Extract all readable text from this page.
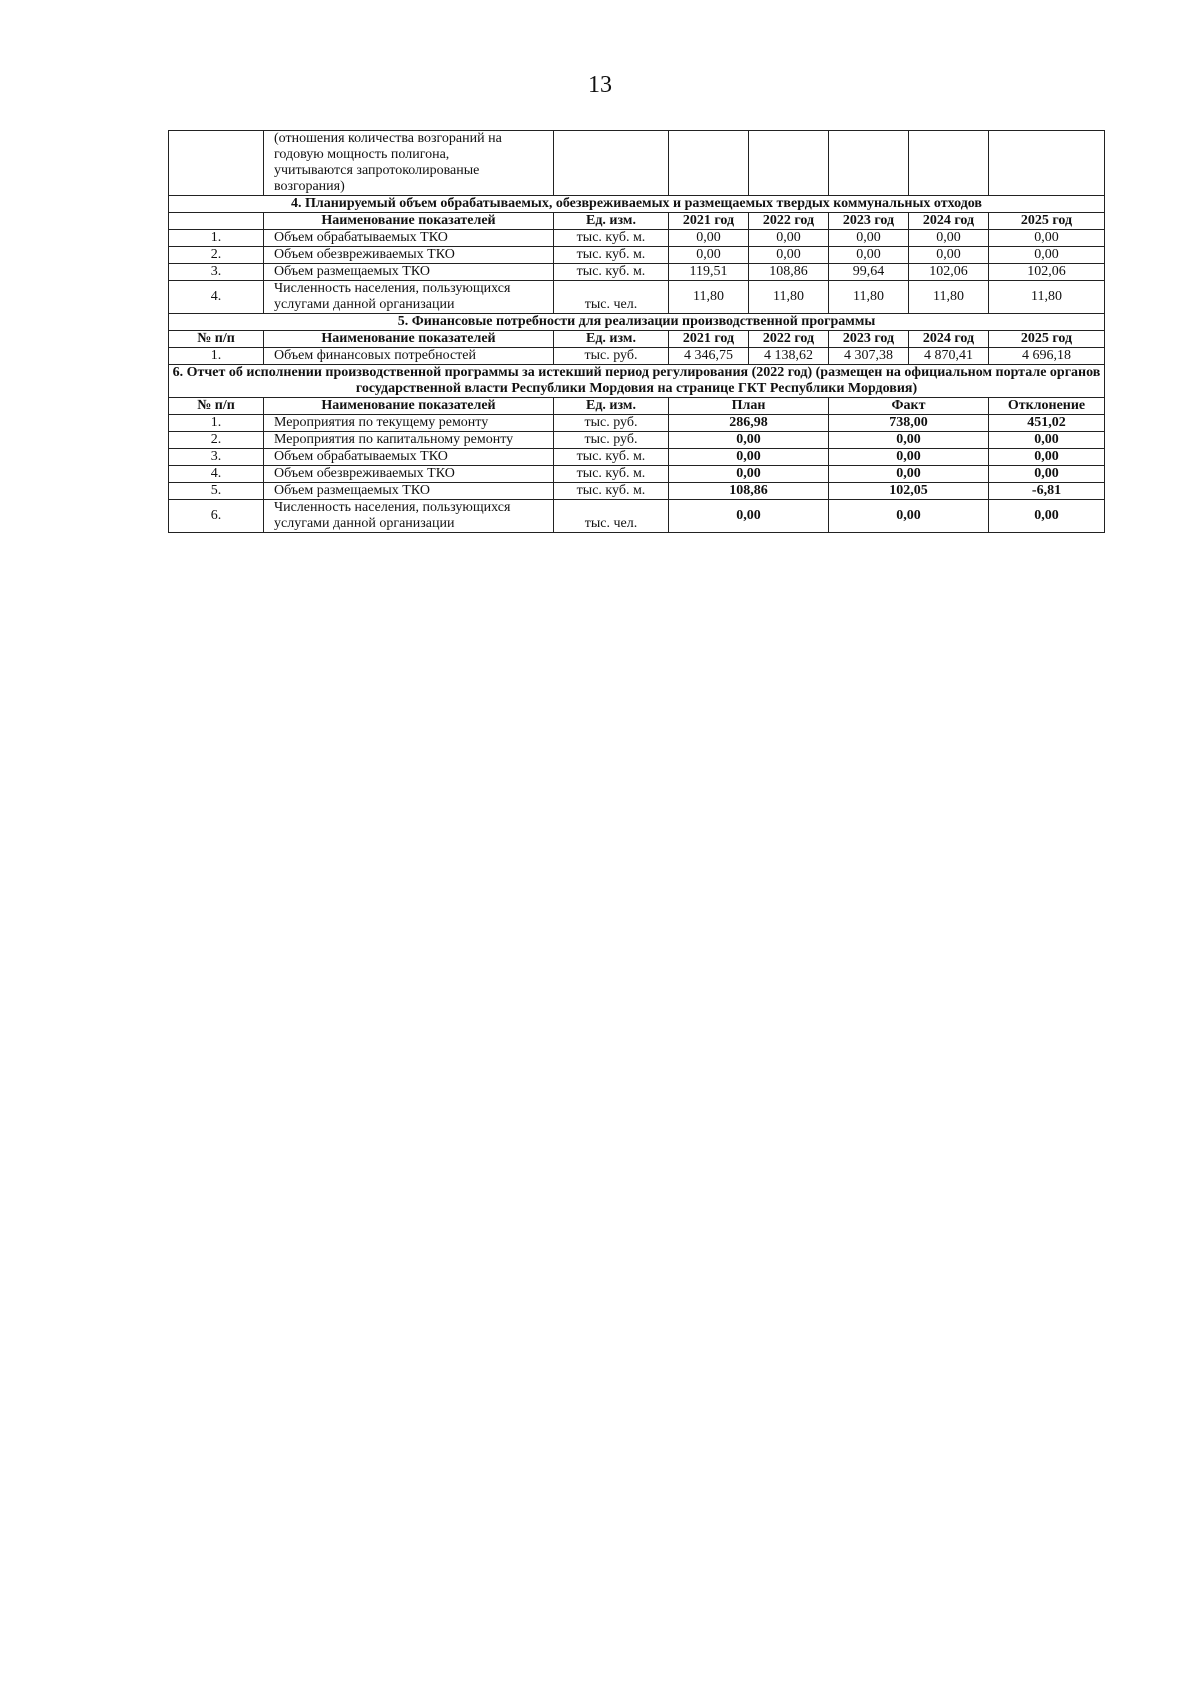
13

	(отношения количества возгораний на
годовую мощность полигона,
учитываются запротоколированые
возгорания)						

4. Планируемый объем обрабатываемых, обезвреживаемых и размещаемых твердых коммунальных отходов							
	Наименование показателей	Ед. изм.	2021 год	2022 год	2023 год	2024 год	2025 год
1.	Объем обрабатываемых ТКО	тыс. куб. м.	0,00	0,00	0,00	0,00	0,00
2.	Объем обезвреживаемых ТКО	тыс. куб. м.	0,00	0,00	0,00	0,00	0,00
3.	Объем размещаемых ТКО	тыс. куб. м.	119,51	108,86	99,64	102,06	102,06
4.	Численность населения, пользующихся услугами данной организации	тыс. чел.	11,80	11,80	11,80	11,80	11,80
5. Финансовые потребности для реализации производственной программы							
№ п/п	Наименование показателей	Ед. изм.	2021 год	2022 год	2023 год	2024 год	2025 год
1.	Объем финансовых потребностей	тыс. руб.	4 346,75	4 138,62	4 307,38	4 870,41	4 696,18
6. Отчет об исполнении производственной программы за истекший период регулирования (2022 год) (размещен на официальном портале органов государственной власти Республики Мордовия на странице ГКТ Республики Мордовия)							
№ п/п	Наименование показателей	Ед. изм.	План		Факт		Отклонение
1.	Мероприятия по текущему ремонту	тыс. руб.	286,98		738,00		451,02
2.	Мероприятия по капитальному ремонту	тыс. руб.	0,00		0,00		0,00
3.	Объем обрабатываемых ТКО	тыс. куб. м.	0,00		0,00		0,00
4.	Объем обезвреживаемых ТКО	тыс. куб. м.	0,00		0,00		0,00
5.	Объем размещаемых ТКО	тыс. куб. м.	108,86		102,05		-6,81
6.	Численность населения, пользующихся услугами данной организации	тыс. чел.	0,00		0,00		0,00
